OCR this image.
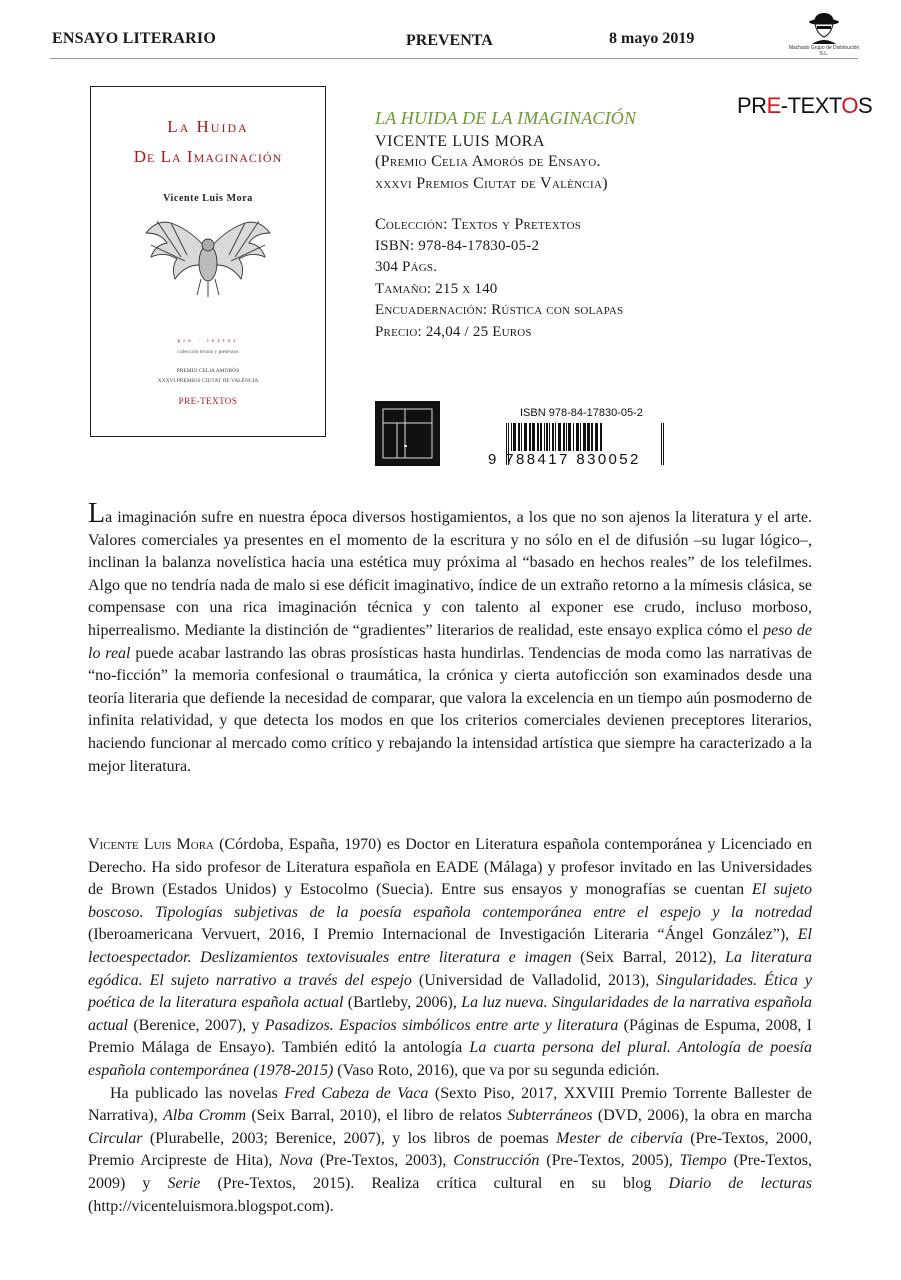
ENSAYO LITERARIO	PREVENTA	8 mayo 2019
Machado Grupo de Distribución S.L.
La Huida
De La Imaginación
Vicente Luis Mora
pre · textos
colección textos y pretextos
PREMIO CELIA AMORÓS
XXXVI PREMIOS CIUTAT DE VALÈNCIA
PRE-TEXTOS
LA HUIDA DE LA IMAGINACIÓN
VICENTE LUIS MORA
(Premio Celia Amorós de Ensayo.
xxxvi Premios Ciutat de València)
Colección: Textos y Pretextos
ISBN: 978-84-17830-05-2
304 Págs.
Tamaño: 215 x 140
Encuadernación: Rústica con solapas
Precio: 24,04 / 25 Euros
PRE-TEXTOS
ISBN 978-84-17830-05-2
9 788417 830052
La imaginación sufre en nuestra época diversos hostigamientos, a los que no son ajenos la literatura y el arte. Valores comerciales ya presentes en el momento de la escritura y no sólo en el de difusión –su lugar lógico–, inclinan la balanza novelística hacia una estética muy próxima al “basado en hechos reales” de los telefilmes. Algo que no tendría nada de malo si ese déficit imaginativo, índice de un extraño retorno a la mímesis clásica, se compensase con una rica imaginación técnica y con talento al exponer ese crudo, incluso morboso, hiperrealismo. Mediante la distinción de “gradientes” literarios de realidad, este ensayo explica cómo el peso de lo real puede acabar lastrando las obras prosísticas hasta hundirlas. Tendencias de moda como las narrativas de “no-ficción” la memoria confesional o traumática, la crónica y cierta autoficción son examinados desde una teoría literaria que defiende la necesidad de comparar, que valora la excelencia en un tiempo aún posmoderno de infinita relatividad, y que detecta los modos en que los criterios comerciales devienen preceptores literarios, haciendo funcionar al mercado como crítico y rebajando la intensidad artística que siempre ha caracterizado a la mejor literatura.

Vicente Luis Mora (Córdoba, España, 1970) es Doctor en Literatura española contemporánea y Licenciado en Derecho. Ha sido profesor de Literatura española en EADE (Málaga) y profesor invitado en las Universidades de Brown (Estados Unidos) y Estocolmo (Suecia). Entre sus ensayos y monografías se cuentan El sujeto boscoso. Tipologías subjetivas de la poesía española contemporánea entre el espejo y la notredad (Iberoamericana Vervuert, 2016, I Premio Internacional de Investigación Literaria “Ángel González”), El lectoespectador. Deslizamientos textovisuales entre literatura e imagen (Seix Barral, 2012), La literatura egódica. El sujeto narrativo a través del espejo (Universidad de Valladolid, 2013), Singularidades. Ética y poética de la literatura española actual (Bartleby, 2006), La luz nueva. Singularidades de la narrativa española actual (Berenice, 2007), y Pasadizos. Espacios simbólicos entre arte y literatura (Páginas de Espuma, 2008, I Premio Málaga de Ensayo). También editó la antología La cuarta persona del plural. Antología de poesía española contemporánea (1978-2015) (Vaso Roto, 2016), que va por su segunda edición.

Ha publicado las novelas Fred Cabeza de Vaca (Sexto Piso, 2017, XXVIII Premio Torrente Ballester de Narrativa), Alba Cromm (Seix Barral, 2010), el libro de relatos Subterráneos (DVD, 2006), la obra en marcha Circular (Plurabelle, 2003; Berenice, 2007), y los libros de poemas Mester de cibervía (Pre-Textos, 2000, Premio Arcipreste de Hita), Nova (Pre-Textos, 2003), Construcción (Pre-Textos, 2005), Tiempo (Pre-Textos, 2009) y Serie (Pre-Textos, 2015). Realiza crítica cultural en su blog Diario de lecturas (http://vicenteluismora.blogspot.com).
